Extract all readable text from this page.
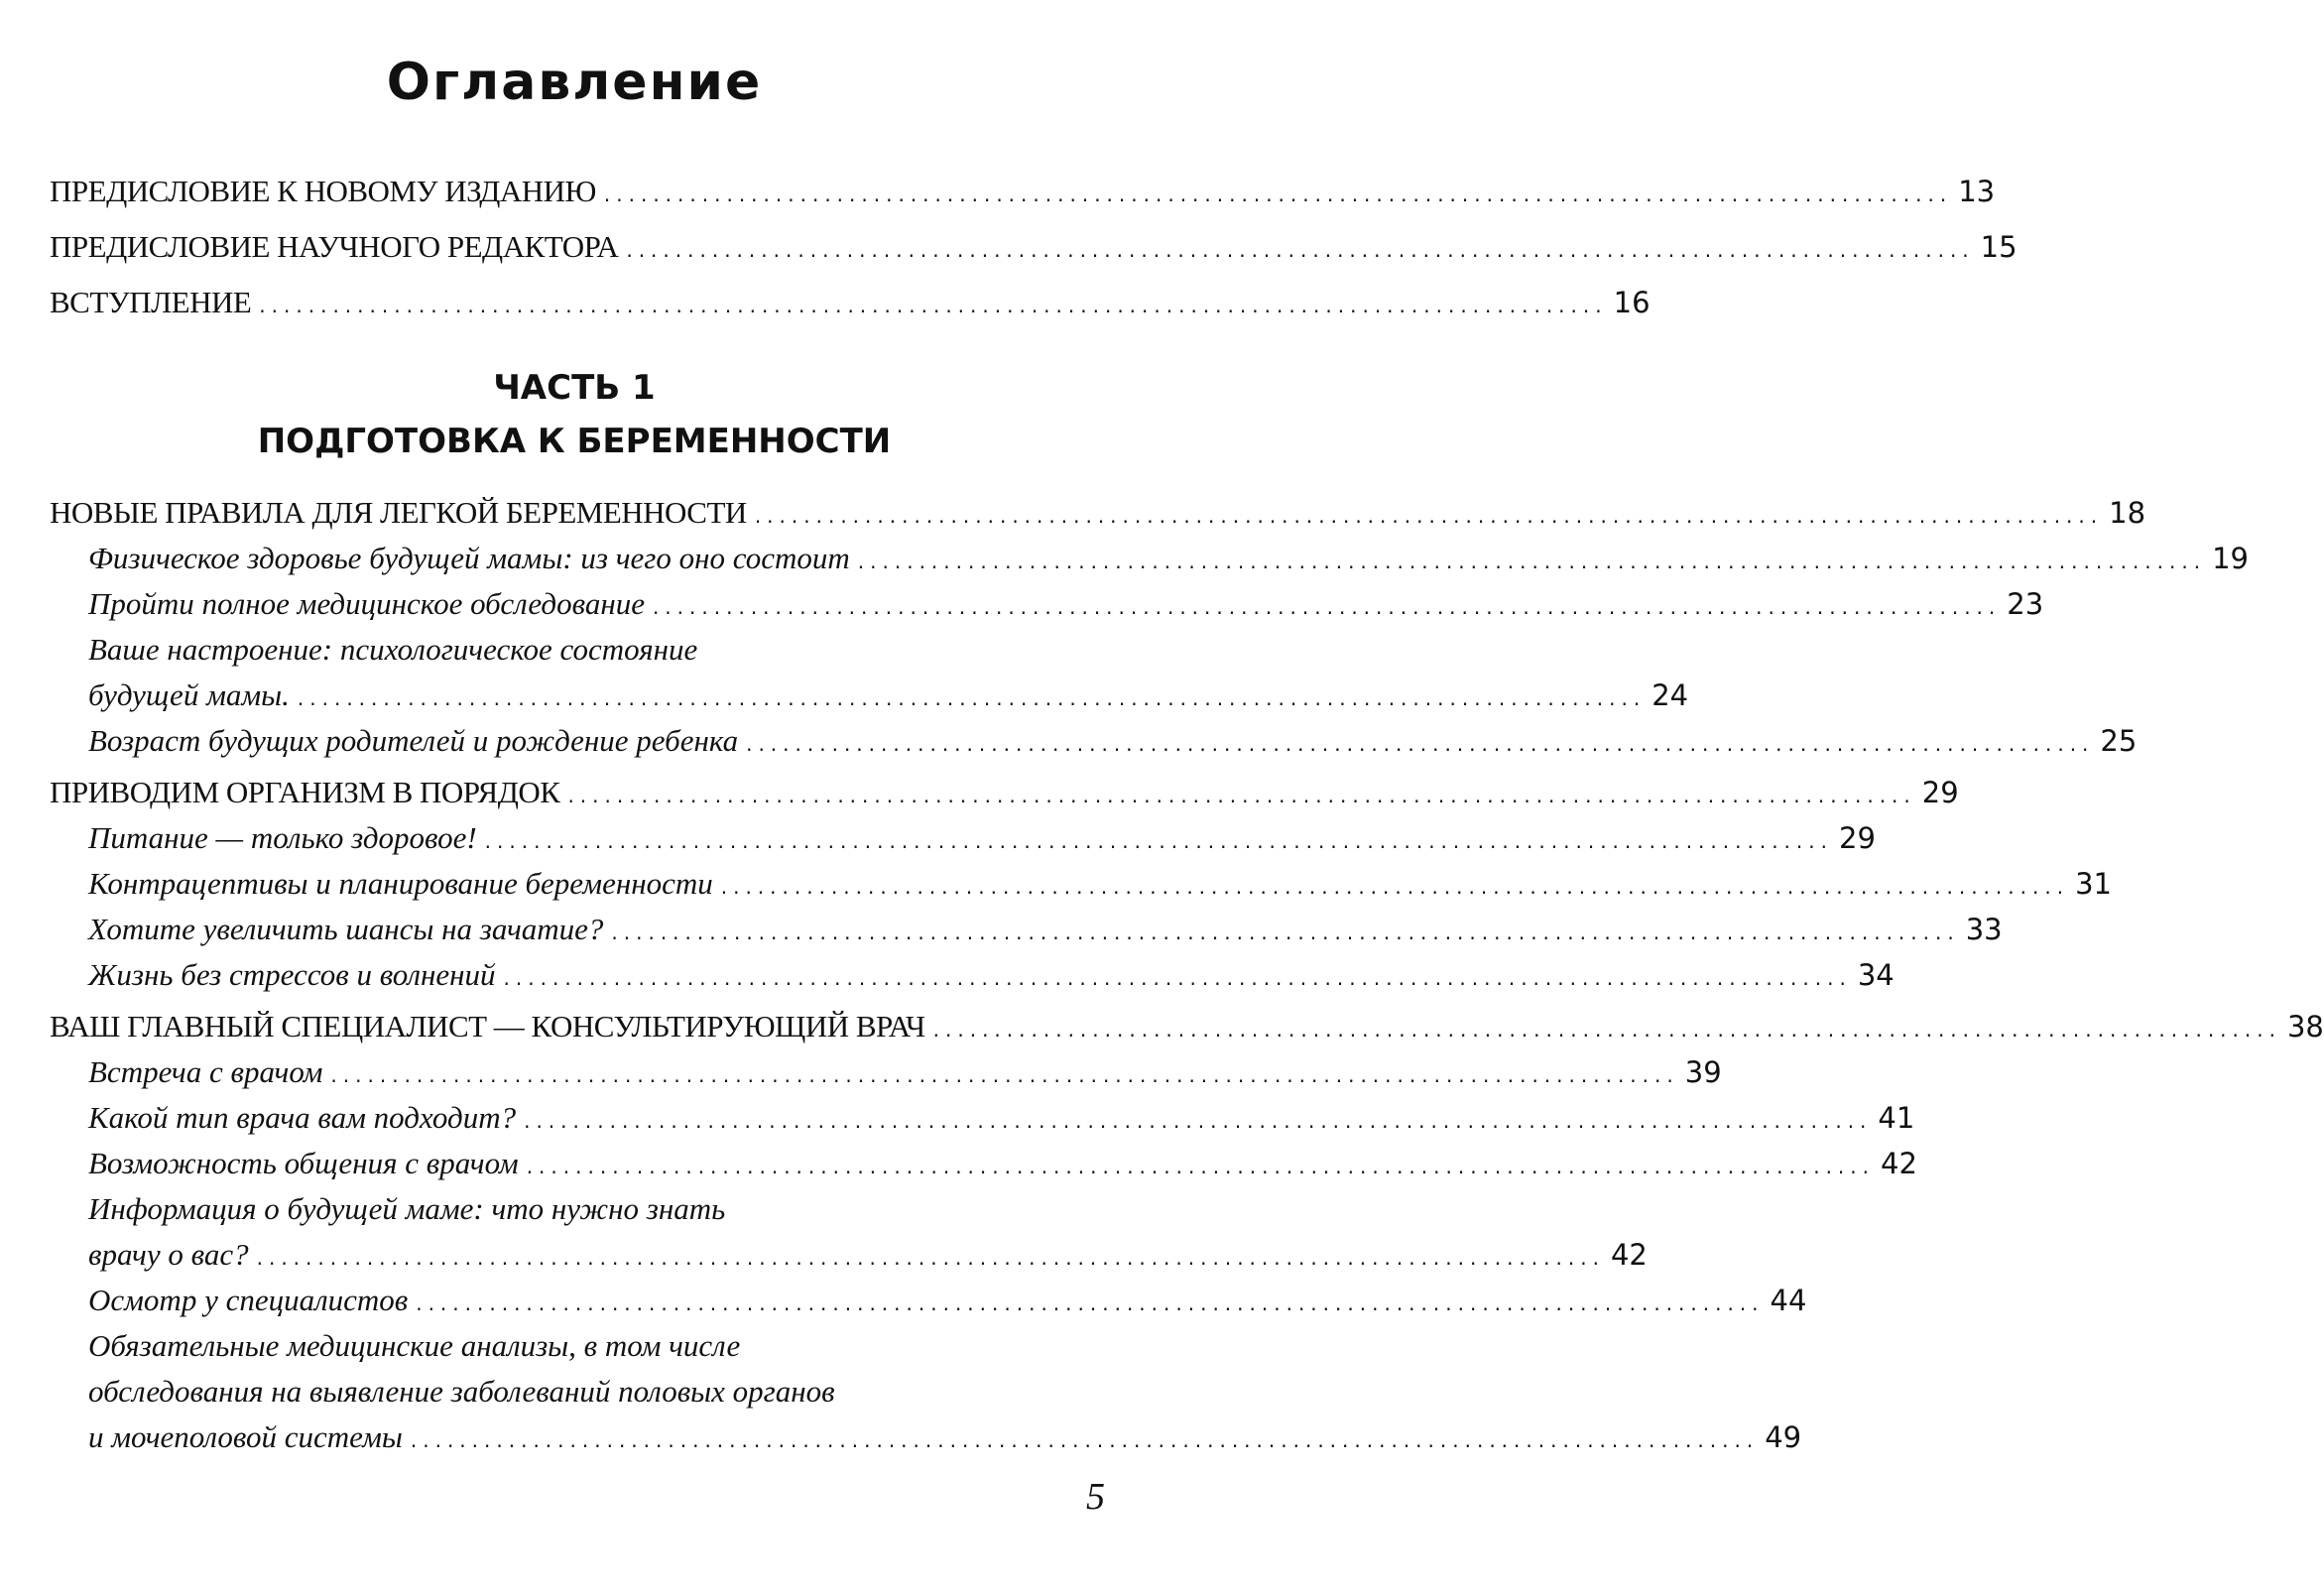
Оглавление
ПРЕДИСЛОВИЕ К НОВОМУ ИЗДАНИЮ .............................................................................................................. 13
ПРЕДИСЛОВИЕ НАУЧНОГО РЕДАКТОРА .............................................................................................................. 15
ВСТУПЛЕНИЕ .............................................................................................................. 16
ЧАСТЬ 1
ПОДГОТОВКА К БЕРЕМЕННОСТИ
НОВЫЕ ПРАВИЛА ДЛЯ ЛЕГКОЙ БЕРЕМЕННОСТИ .............................................................................................................. 18
Физическое здоровье будущей мамы: из чего оно состоит .............................................................................................................. 19
Пройти полное медицинское обследование .............................................................................................................. 23
Ваше настроение: психологическое состояние
будущей мамы. .............................................................................................................. 24
Возраст будущих родителей и рождение ребенка .............................................................................................................. 25
ПРИВОДИМ ОРГАНИЗМ В ПОРЯДОК .............................................................................................................. 29
Питание — только здоровое! .............................................................................................................. 29
Контрацептивы и планирование беременности .............................................................................................................. 31
Хотите увеличить шансы на зачатие? .............................................................................................................. 33
Жизнь без стрессов и волнений .............................................................................................................. 34
ВАШ ГЛАВНЫЙ СПЕЦИАЛИСТ — КОНСУЛЬТИРУЮЩИЙ ВРАЧ .............................................................................................................. 38
Встреча с врачом .............................................................................................................. 39
Какой тип врача вам подходит? .............................................................................................................. 41
Возможность общения с врачом .............................................................................................................. 42
Информация о будущей маме: что нужно знать
врачу о вас? .............................................................................................................. 42
Осмотр у специалистов .............................................................................................................. 44
Обязательные медицинские анализы, в том числе
обследования на выявление заболеваний половых органов
и мочеполовой системы .............................................................................................................. 49
5
